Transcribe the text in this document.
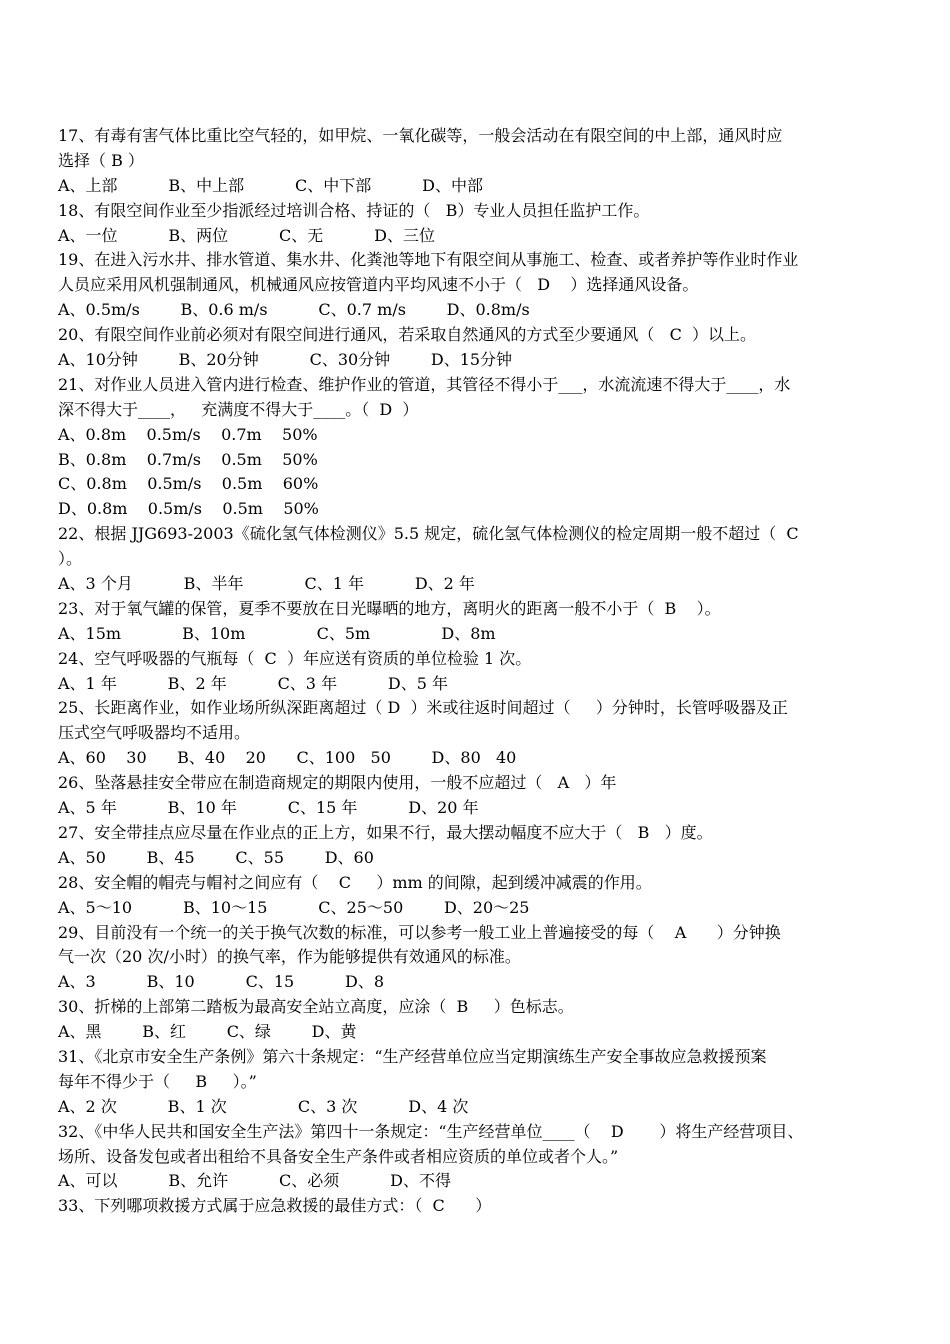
17、有毒有害气体比重比空气轻的，如甲烷、一氧化碳等，一般会活动在有限空间的中上部，通风时应
选择（ B ）
A、上部          B、中上部          C、中下部          D、中部
18、有限空间作业至少指派经过培训合格、持证的（   B）专业人员担任监护工作。
A、一位          B、两位          C、无          D、三位
19、在进入污水井、排水管道、集水井、化粪池等地下有限空间从事施工、检查、或者养护等作业时作业
人员应采用风机强制通风，机械通风应按管道内平均风速不小于（   D    ）选择通风设备。
A、0.5m/s        B、0.6 m/s          C、0.7 m/s        D、0.8m/s
20、有限空间作业前必须对有限空间进行通风，若采取自然通风的方式至少要通风（   C  ）以上。
A、10分钟        B、20分钟          C、30分钟        D、15分钟
21、对作业人员进入管内进行检查、维护作业的管道，其管径不得小于___，水流流速不得大于____，水
深不得大于____，   充满度不得大于____。（  D  ）
A、0.8m    0.5m/s    0.7m    50%
B、0.8m    0.7m/s    0.5m    50%
C、0.8m    0.5m/s    0.5m    60%
D、0.8m    0.5m/s    0.5m    50%
22、根据 JJG693-2003《硫化氢气体检测仪》5.5 规定，硫化氢气体检测仪的检定周期一般不超过（  C
）。
A、3 个月          B、半年            C、1 年          D、2 年
23、对于氧气罐的保管，夏季不要放在日光曝晒的地方，离明火的距离一般不小于（  B    ）。
A、15m            B、10m              C、5m              D、8m
24、空气呼吸器的气瓶每（  C  ）年应送有资质的单位检验 1 次。
A、1 年          B、2 年          C、3 年          D、5 年
25、长距离作业，如作业场所纵深距离超过（ D  ）米或往返时间超过（     ）分钟时，长管呼吸器及正
压式空气呼吸器均不适用。
A、60    30      B、40    20      C、100   50        D、80   40
26、坠落悬挂安全带应在制造商规定的期限内使用，一般不应超过（   A   ）年
A、5 年          B、10 年          C、15 年          D、20 年
27、安全带挂点应尽量在作业点的正上方，如果不行，最大摆动幅度不应大于（   B   ）度。
A、50        B、45        C、55        D、60
28、安全帽的帽壳与帽衬之间应有（    C     ）mm 的间隙，起到缓冲减震的作用。
A、5～10          B、10～15          C、25～50        D、20～25
29、目前没有一个统一的关于换气次数的标准，可以参考一般工业上普遍接受的每（    A      ）分钟换
气一次（20 次/小时）的换气率，作为能够提供有效通风的标准。
A、3          B、10          C、15          D、8
30、折梯的上部第二踏板为最高安全站立高度，应涂（  B     ）色标志。
A、黑        B、红        C、绿        D、黄
31、《北京市安全生产条例》第六十条规定：“生产经营单位应当定期演练生产安全事故应急救援预案
每年不得少于（     B     ）。”
A、2 次          B、1 次              C、3 次          D、4 次
32、《中华人民共和国安全生产法》第四十一条规定：“生产经营单位____（    D       ）将生产经营项目、
场所、设备发包或者出租给不具备安全生产条件或者相应资质的单位或者个人。”
A、可以          B、允许          C、必须          D、不得
33、下列哪项救援方式属于应急救援的最佳方式：（  C      ）
